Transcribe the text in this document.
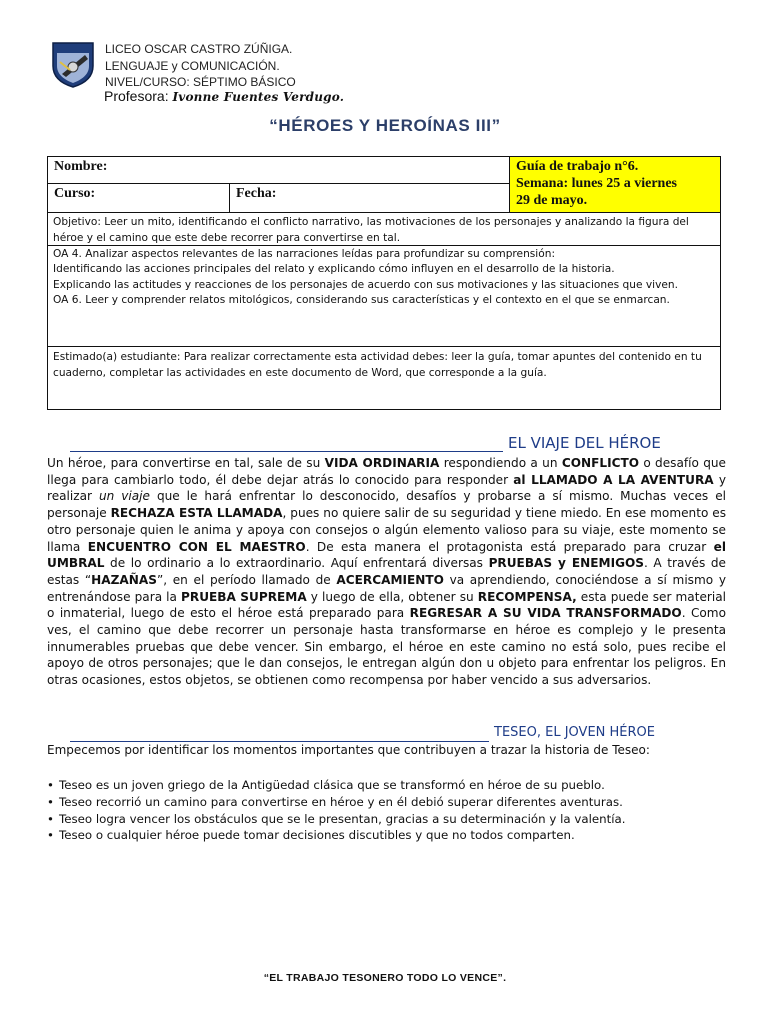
LICEO OSCAR CASTRO ZÚÑIGA.
LENGUAJE y COMUNICACIÓN.
NIVEL/CURSO: SÉPTIMO BÁSICO
Profesora: Ivonne Fuentes Verdugo.
“HÉROES Y HEROÍNAS III”
Nombre:
Curso:	Fecha:
Guía de trabajo n°6.
Semana: lunes 25 a viernes
29 de mayo.
Objetivo: Leer un mito, identificando el conflicto narrativo, las motivaciones de los personajes y analizando la figura del héroe y el camino que este debe recorrer para convertirse en tal.
OA 4. Analizar aspectos relevantes de las narraciones leídas para profundizar su comprensión:
Identificando las acciones principales del relato y explicando cómo influyen en el desarrollo de la historia.
Explicando las actitudes y reacciones de los personajes de acuerdo con sus motivaciones y las situaciones que viven.
OA 6. Leer y comprender relatos mitológicos, considerando sus características y el contexto en el que se enmarcan.
Estimado(a) estudiante: Para realizar correctamente esta actividad debes: leer la guía, tomar apuntes del contenido en tu cuaderno, completar las actividades en este documento de Word, que corresponde a la guía.
EL VIAJE DEL HÉROE
Un héroe, para convertirse en tal, sale de su VIDA ORDINARIA respondiendo a un CONFLICTO o desafío que llega para cambiarlo todo, él debe dejar atrás lo conocido para responder al LLAMADO A LA AVENTURA y realizar un viaje que le hará enfrentar lo desconocido, desafíos y probarse a sí mismo. Muchas veces el personaje RECHAZA ESTA LLAMADA, pues no quiere salir de su seguridad y tiene miedo. En ese momento es otro personaje quien le anima y apoya con consejos o algún elemento valioso para su viaje, este momento se llama ENCUENTRO CON EL MAESTRO. De esta manera el protagonista está preparado para cruzar el UMBRAL de lo ordinario a lo extraordinario. Aquí enfrentará diversas PRUEBAS y ENEMIGOS. A través de estas “HAZAÑAS”, en el período llamado de ACERCAMIENTO va aprendiendo, conociéndose a sí mismo y entrenándose para la PRUEBA SUPREMA y luego de ella, obtener su RECOMPENSA, esta puede ser material o inmaterial, luego de esto el héroe está preparado para REGRESAR A SU VIDA TRANSFORMADO. Como ves, el camino que debe recorrer un personaje hasta transformarse en héroe es complejo y le presenta innumerables pruebas que debe vencer. Sin embargo, el héroe en este camino no está solo, pues recibe el apoyo de otros personajes; que le dan consejos, le entregan algún don u objeto para enfrentar los peligros. En otras ocasiones, estos objetos, se obtienen como recompensa por haber vencido a sus adversarios.
TESEO, EL JOVEN HÉROE
Empecemos por identificar los momentos importantes que contribuyen a trazar la historia de Teseo:
• Teseo es un joven griego de la Antigüedad clásica que se transformó en héroe de su pueblo.
• Teseo recorrió un camino para convertirse en héroe y en él debió superar diferentes aventuras.
• Teseo logra vencer los obstáculos que se le presentan, gracias a su determinación y la valentía.
• Teseo o cualquier héroe puede tomar decisiones discutibles y que no todos comparten.
“EL TRABAJO TESONERO TODO LO VENCE”.
